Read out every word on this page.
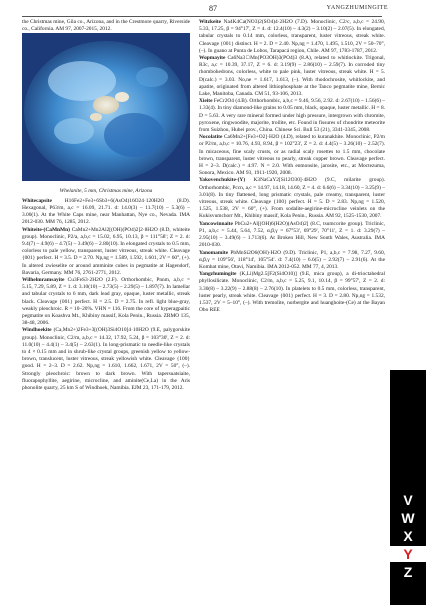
87	YANGZHUMINGITE

the Christmas mine, Gila co., Arizona, and in the Crestmore quarry, Riverside co., California. AM 97, 2007-2015, 2012.

Whelanite, 5 mm, Christmas mine, Arizona

Whitecapsite H16Fe2+Fe3+6Sb3+6(AsO4)16O24·120H2O (8.D). Hexagonal, P63/m, a,c = 16.09, 21.71. d: 14.0(3) – 11.7(10) – 5.3(6) – 3.00(1). At the White Caps mine, near Manhattan, Nye co., Nevada. IMA 2012-030. MM 76, 1285, 2012.

Whiteite-(CaMnMn) CaMn2+Mn2Al2[(OH)(PO4)2]2·8H2O (8.D, whiteite group). Monoclinic, P2/a, a,b,c = 15.02, 6.95, 10.13, β = 111°58'; Z = 2. d: 9.4(7) – 4.9(6) – 4.7(5) – 3.49(6) – 2.80(10). In elongated crystals to 0.5 mm, colorless to pale yellow, transparent, luster vitreous, streak white. Cleavage {001} perfect. H = 3.5. D = 2.70. Np,ng = 1.589, 1.592, 1.601, 2V = 60°, (+). In altered zwieselite or around amminite cubes in pegmatite at Hagendorf, Bavaria, Germany. MM 76, 2761-2771, 2012.

Wilhelmramsayite Cu3FeS3·2H2O (2.F). Orthorhombic, Pnnm, a,b,c = 5.15, 7.29, 5.89, Z = 1. d: 3.10(10) – 2.73(5) – 2.29(5) – 1.897(7). In lamellar and tabular crystals to 6 mm, dark lead gray, opaque, luster metallic, streak black. Cleavage {001} perfect. H = 2.5. D = 2.75. In refl. light blue-gray, weakly pleochroic. R = 10–20%. VHN = 116. From the core of hyperagpaitic pegmatite on Koashva Mt., Khibiny massif, Kola Penin., Russia. ZRMO 135, 38-48, 2006.

Windhoekite (Ca,Mn2+)2Fe3+3[(OH)3Si4O10]4·10H2O (9.E, palygorskite group). Monoclinic, C2/m, a,b,c = 14.32, 17.92, 5.24, β = 103°30', Z = 2. d: 11.0(10) – 4.4(1) – 3.4(5) – 2.63(1). In long-prismatic to needle-like crystals to 4 × 0.15 mm and in shrub-like crystal groups, greenish yellow to yellow-brown, translucent, luster vitreous, streak yellowish white. Cleavage {100} good. H = 2–3. D = 2.62. Np,ng = 1.610, 1.662, 1.671, 2V = 50°, (–). Strongly pleochroic: brown to dark brown. With tapersuatsiaite, fluorapophyllite, aegirine, microcline, and aminite(Ce,La) in the Aris phonolite quarry, 25 km S of Windhoek, Namibia. EJM 23, 171-179, 2012.

Witzkeite Na4K4Ca(NO3)2(SO4)4·2H2O (7.D). Monoclinic, C2/c, a,b,c = 24.90, 5.33, 17.25, β = 94°17', Z = 4. d: 12.4(10) – 4.3(2) – 3.10(2) – 2.07(5). In elongated, tabular crystals to 0.14 mm, colorless, transparent, luster vitreous, streak white. Cleavage {001} distinct. H = 2. D = 2.40. Np,ng = 1.470, 1.495, 1.510, 2V = 50–70°, (–). In guano at Punta de Lobos, Tarapacá region, Chile. AM 97, 1783-1787, 2012.

Wopmayite Ca6Na3□Mn(PO3OH)3(PO4)3 (8.A), related to whitlockite. Trigonal, R3c, a,c = 10.39, 37.17, Z = 6. d: 3.19(9) – 2.86(10) – 2.59(7). In corroded tiny rhombohedrons, colorless, white to pale pink, luster vitreous, streak white. H = 5. D(calc.) = 3.03. No,ne = 1.617, 1.613, (–). With rhodochrosite, whitlockite, and apatite, originated from altered lithiophosphate at the Tanco pegmatite mine, Bernic Lake, Manitoba, Canada. CM 51, 93-106, 2013.

Xieite FeCr2O4 (4.B). Orthorhombic, a,b,c = 9.46, 9.56, 2.92. d: 2.67(10) – 1.56(6) – 1.33(4). In tiny diamond-like grains to 0.05 mm, black, opaque, luster metallic. H = 8. D = 5.63. A very rare mineral formed under high pressure, intergrown with chromite, pyroxene, ringwoodite, majorite, troilite, etc. Found in fissures of chondrite meteorite from Suizhou, Hubei prov., China. Chinese Sci. Bull 53 (21), 3341-3345, 2008.

Nocolatite Ca6Mn2+[Fe3+O2]·H2O (4.D), related to kuranakhite. Monoclinic, P2/m or P2/m, a,b,c = 10.76, 4.93, 8.94, β = 102°23', Z = 2. d: 4.4(5) – 3.26(10) – 2.52(7). In micaceous, fine scaly crusts, or as radial scaly rosettes to 1.5 mm, chocolate brown, transparent, luster vitreous to pearly, streak copper brown. Cleavage perfect. H = 2–3. D(calc.) = 4.97. N = 2.0. With enmonsite, jarosite, etc., at Moctezuma, Sonora, Mexico. AM 93, 1911-1920, 2008.

Yakovenchukite-(Y) K3NaCaY2[Si12O30]·4H2O (9.C, milarite group). Orthorhombic, Pccn, a,c = 14.97, 14.18, 14.60, Z = 4. d: 6.6(6) – 3.34(10) – 3.25(9) – 3.01(8). In tiny flattened, long prismatic crystals, pale creamy, transparent, luster vitreous, streak white. Cleavage {100} perfect. H = 5. D = 2.83. Np,ng = 1.520, 1.525, 1.538, 2V = 60°, (+). From sodalite-aegirine-microcline veinlets on the Kukisvumchorr Mt., Khibiny massif, Kola Penin., Russia. AM 92, 1525-1530, 2007.

Yancowinnaite PbCu2+Al[(OH)6(H2O)(AsO4)2] (8.C, tsumcorite group). Triclinic, P1, a,b,c = 5.44, 5.64, 7.52, α,β,γ = 67°53', 69°29', 70°11', Z = 1. d: 3.29(7) – 2.95(10) – 3.49(6) – 1.713(6). At Broken Hill, New South Wales, Australia. IMA 2010-030.

Yanomamite PbMnSi2O6(OH)·H2O (9.D). Triclinic, P1, a,b,c = 7.98, 7.27, 9.60, α,β,γ = 109°56', 118°14', 105°54'. d: 7.4(10) – 6.6(5) – 2.92(7) – 2.91(6). At the Kombat mine, Otavi, Namibia. IMA 2012-052. MM 77, 4, 2013.

Yangzhumingite (K,Li)Mg2.5[F2(Si4O10)] (9.E, mica group), a di-trioctahedral phyllosilicate. Monoclinic, C2/m, a,b,c = 5.25, 9.1, 10.14, β = 99°57', Z = 2. d: 3.30(8) – 3.22(9) – 2.88(8) – 2.76(10). In platelets to 0.5 mm, colorless, transparent, luster pearly, streak white. Cleavage {001} perfect. H = 3. D = 2.80. Np,ng = 1.532, 1.537, 2V = 5–10°, (–). With tremolite, norbergite and huanghoite-(Ce) at the Bayan Obo REE

V
W
X
Y
Z
